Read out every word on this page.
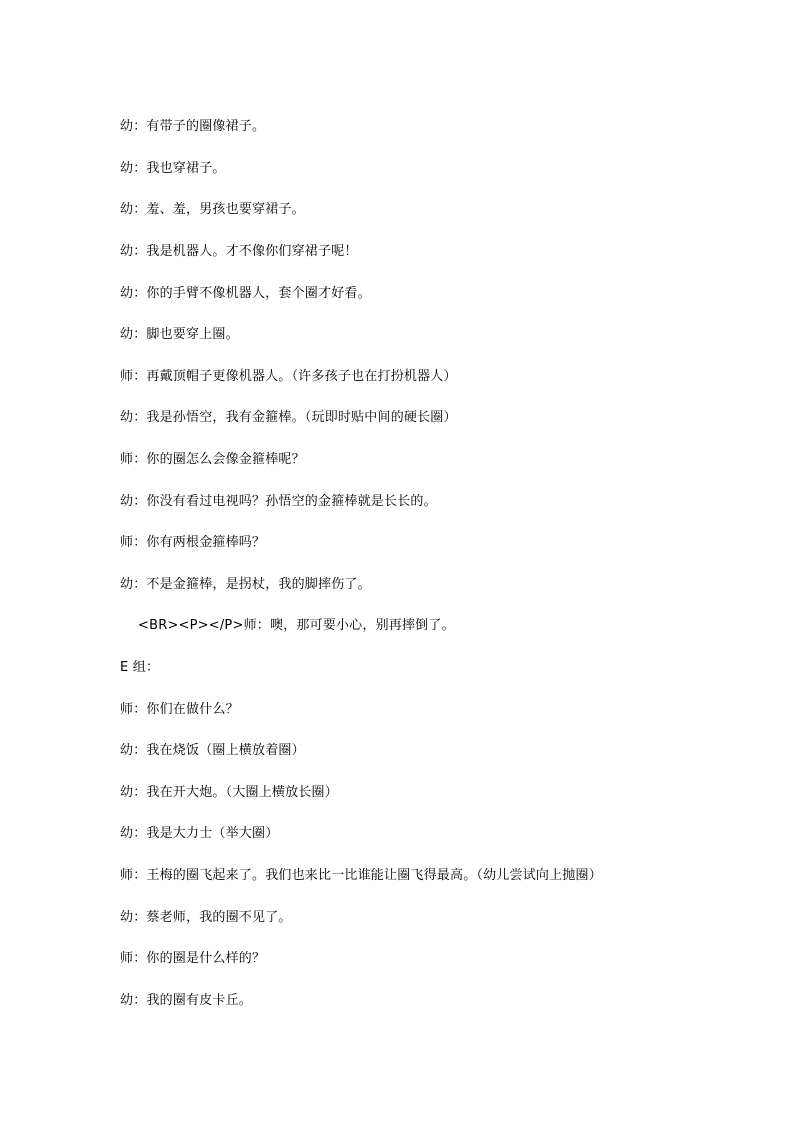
幼：有带子的圈像裙子。
幼：我也穿裙子。
幼：羞、羞，男孩也要穿裙子。
幼：我是机器人。才不像你们穿裙子呢！
幼：你的手臂不像机器人，套个圈才好看。
幼：脚也要穿上圈。
师：再戴顶帽子更像机器人。（许多孩子也在打扮机器人）
幼：我是孙悟空，我有金箍棒。（玩即时贴中间的硬长圈）
师：你的圈怎么会像金箍棒呢？
幼：你没有看过电视吗？孙悟空的金箍棒就是长长的。
师：你有两根金箍棒吗？
幼：不是金箍棒，是拐杖，我的脚摔伤了。
<BR><P></P>师：噢，那可要小心，别再摔倒了。
E 组：
师：你们在做什么？
幼：我在烧饭（圈上横放着圈）
幼：我在开大炮。（大圈上横放长圈）
幼：我是大力士（举大圈）
师：王梅的圈飞起来了。我们也来比一比谁能让圈飞得最高。（幼儿尝试向上抛圈）
幼：蔡老师，我的圈不见了。
师：你的圈是什么样的？
幼：我的圈有皮卡丘。
